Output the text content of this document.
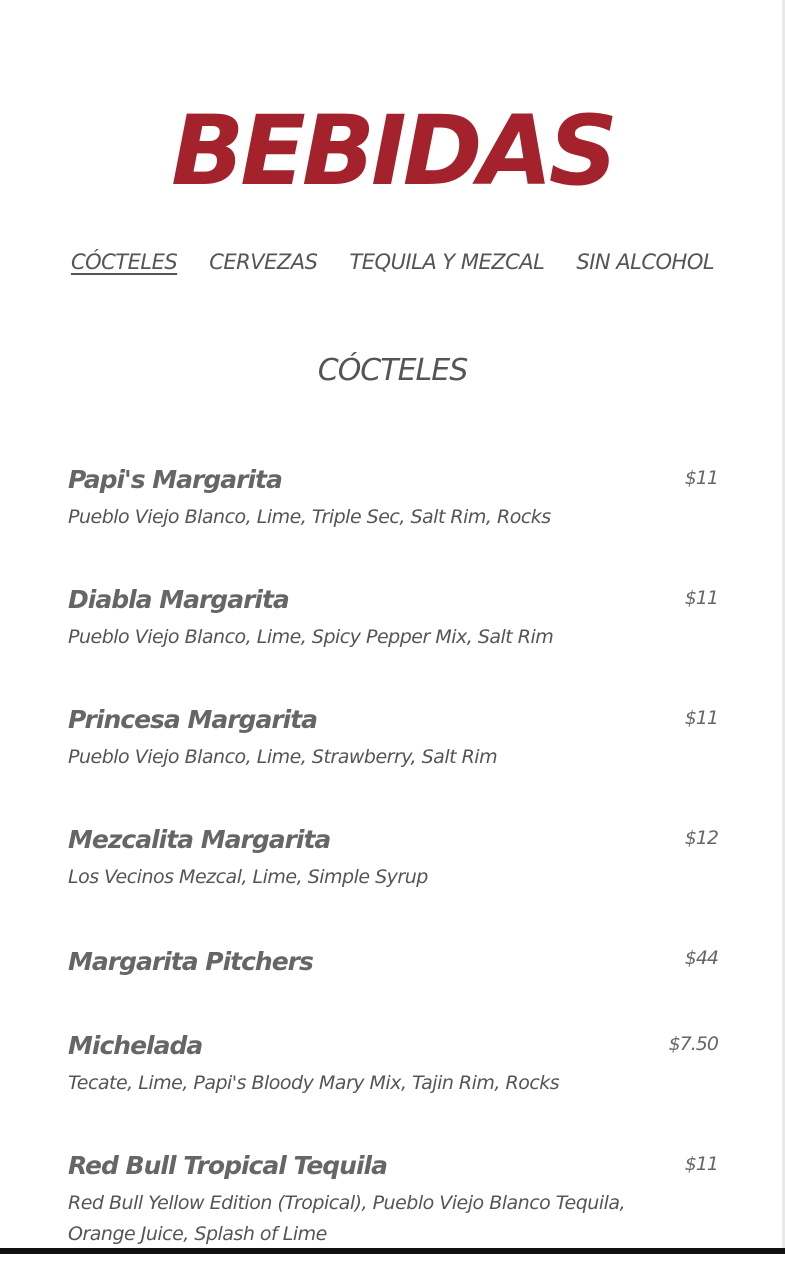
BEBIDAS
CÓCTELES CERVEZAS TEQUILA Y MEZCAL SIN ALCOHOL
CÓCTELES
Papi's Margarita	$11
Pueblo Viejo Blanco, Lime, Triple Sec, Salt Rim, Rocks
Diabla Margarita	$11
Pueblo Viejo Blanco, Lime, Spicy Pepper Mix, Salt Rim
Princesa Margarita	$11
Pueblo Viejo Blanco, Lime, Strawberry, Salt Rim
Mezcalita Margarita	$12
Los Vecinos Mezcal, Lime, Simple Syrup
Margarita Pitchers	$44
Michelada	$7.50
Tecate, Lime, Papi's Bloody Mary Mix, Tajin Rim, Rocks
Red Bull Tropical Tequila	$11
Red Bull Yellow Edition (Tropical), Pueblo Viejo Blanco Tequila, Orange Juice, Splash of Lime
